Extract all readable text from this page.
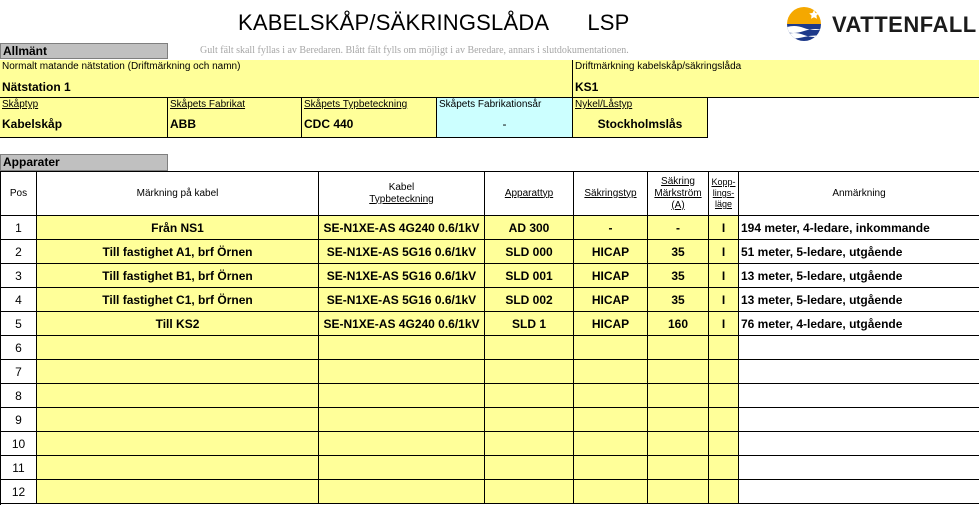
KABELSKÅP/SÄKRINGSLÅDA LSP	VATTENFALL
Allmänt	Gult fält skall fyllas i av Beredaren. Blått fält fylls om möjligt i av Beredare, annars i slutdokumentationen.
Normalt matande nätstation (Driftmärkning och namn)	Driftmärkning kabelskåp/säkringslåda
Nätstation 1	KS1
Skåptyp	Skåpets Fabrikat	Skåpets Typbeteckning	Skåpets Fabrikationsår	Nykel/Låstyp
Kabelskåp	ABB	CDC 440	-	Stockholmslås
Apparater
Pos	Märkning på kabel
Kabel
Typbeteckning
Apparattyp	Säkringstyp
Säkring
Märkström
(A)
Kopp-
lings-
läge
Anmärkning
1	Från NS1	SE-N1XE-AS 4G240 0.6/1kV	AD 300	-	-	I	194 meter, 4-ledare, inkommande
2	Till fastighet A1, brf Örnen	SE-N1XE-AS 5G16 0.6/1kV	SLD 000	HICAP	35	I	51 meter, 5-ledare, utgående
3	Till fastighet B1, brf Örnen	SE-N1XE-AS 5G16 0.6/1kV	SLD 001	HICAP	35	I	13 meter, 5-ledare, utgående
4	Till fastighet C1, brf Örnen	SE-N1XE-AS 5G16 0.6/1kV	SLD 002	HICAP	35	I	13 meter, 5-ledare, utgående
5	Till KS2	SE-N1XE-AS 4G240 0.6/1kV	SLD 1	HICAP	160	I	76 meter, 4-ledare, utgående
6
7
8
9
10
11
12
